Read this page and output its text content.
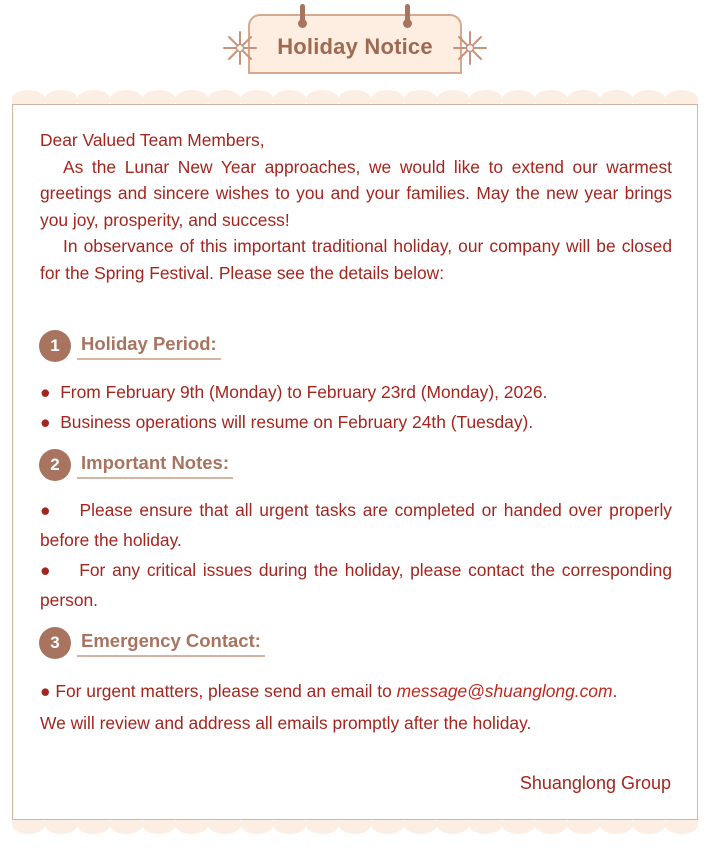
Holiday Notice
Dear Valued Team Members,
As the Lunar New Year approaches, we would like to extend our warmest greetings and sincere wishes to you and your families. May the new year brings you joy, prosperity, and success!
In observance of this important traditional holiday, our company will be closed for the Spring Festival. Please see the details below:
1	Holiday Period:
● From February 9th (Monday) to February 23rd (Monday), 2026.
● Business operations will resume on February 24th (Tuesday).
2	Important Notes:
● Please ensure that all urgent tasks are completed or handed over properly before the holiday.
● For any critical issues during the holiday, please contact the corresponding person.
3	Emergency Contact:
● For urgent matters, please send an email to message@shuanglong.com.
We will review and address all emails promptly after the holiday.
Shuanglong Group
